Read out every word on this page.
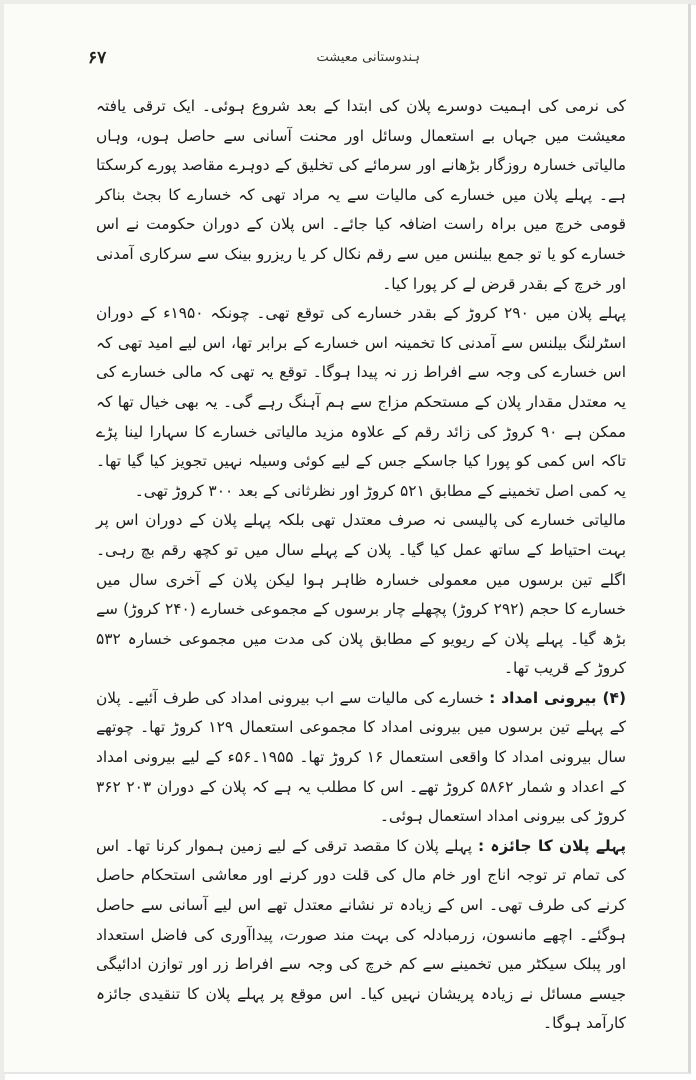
ہندوستانی معیشت
۶۷

کی نرمی کی اہمیت دوسرے پلان کی ابتدا کے بعد شروع ہوئی۔ ایک ترقی یافتہ معیشت میں جہاں بے استعمال وسائل اور محنت آسانی سے حاصل ہوں، وہاں مالیاتی خسارہ روزگار بڑھانے اور سرمائے کی تخلیق کے دوہرے مقاصد پورے کرسکتا ہے۔ پہلے پلان میں خسارے کی مالیات سے یہ مراد تھی کہ خسارے کا بجٹ بناکر قومی خرچ میں براہ راست اضافہ کیا جائے۔ اس پلان کے دوران حکومت نے اس خسارے کو یا تو جمع بیلنس میں سے رقم نکال کر یا ریزرو بینک سے سرکاری آمدنی اور خرچ کے بقدر قرض لے کر پورا کیا۔

پہلے پلان میں ۲۹۰ کروڑ کے بقدر خسارے کی توقع تھی۔ چونکہ ۱۹۵۰ء کے دوران اسٹرلنگ بیلنس سے آمدنی کا تخمینہ اس خسارے کے برابر تھا، اس لیے امید تھی کہ اس خسارے کی وجہ سے افراط زر نہ پیدا ہوگا۔ توقع یہ تھی کہ مالی خسارے کی یہ معتدل مقدار پلان کے مستحکم مزاج سے ہم آہنگ رہے گی۔ یہ بھی خیال تھا کہ ممکن ہے ۹۰ کروڑ کی زائد رقم کے علاوہ مزید مالیاتی خسارے کا سہارا لینا پڑے تاکہ اس کمی کو پورا کیا جاسکے جس کے لیے کوئی وسیلہ نہیں تجویز کیا گیا تھا۔ یہ کمی اصل تخمینے کے مطابق ۵۲۱ کروڑ اور نظرثانی کے بعد ۳۰۰ کروڑ تھی۔

مالیاتی خسارے کی پالیسی نہ صرف معتدل تھی بلکہ پہلے پلان کے دوران اس پر بہت احتیاط کے ساتھ عمل کیا گیا۔ پلان کے پہلے سال میں تو کچھ رقم بچ رہی۔ اگلے تین برسوں میں معمولی خسارہ ظاہر ہوا لیکن پلان کے آخری سال میں خسارے کا حجم (۲۹۲ کروڑ) پچھلے چار برسوں کے مجموعی خسارے (۲۴۰ کروڑ) سے بڑھ گیا۔ پہلے پلان کے ریویو کے مطابق پلان کی مدت میں مجموعی خسارہ ۵۳۲ کروڑ کے قریب تھا۔

(۴) بیرونی امداد : خسارے کی مالیات سے اب بیرونی امداد کی طرف آئیے۔ پلان کے پہلے تین برسوں میں بیرونی امداد کا مجموعی استعمال ۱۲۹ کروڑ تھا۔ چوتھے سال بیرونی امداد کا واقعی استعمال ۱۶ کروڑ تھا۔ ۱۹۵۵۔۵۶ء کے لیے بیرونی امداد کے اعداد و شمار ۵۸۶۲ کروڑ تھے۔ اس کا مطلب یہ ہے کہ پلان کے دوران ۲۰۳ ۳۶۲ کروڑ کی بیرونی امداد استعمال ہوئی۔

پہلے پلان کا جائزہ : پہلے پلان کا مقصد ترقی کے لیے زمین ہموار کرنا تھا۔ اس کی تمام تر توجہ اناج اور خام مال کی قلت دور کرنے اور معاشی استحکام حاصل کرنے کی طرف تھی۔ اس کے زیادہ تر نشانے معتدل تھے اس لیے آسانی سے حاصل ہوگئے۔ اچھے مانسون، زرمبادلہ کی بہت مند صورت، پیداآوری کی فاضل استعداد اور پبلک سیکٹر میں تخمینے سے کم خرچ کی وجہ سے افراط زر اور توازن ادائیگی جیسے مسائل نے زیادہ پریشان نہیں کیا۔ اس موقع پر پہلے پلان کا تنقیدی جائزہ کارآمد ہوگا۔
